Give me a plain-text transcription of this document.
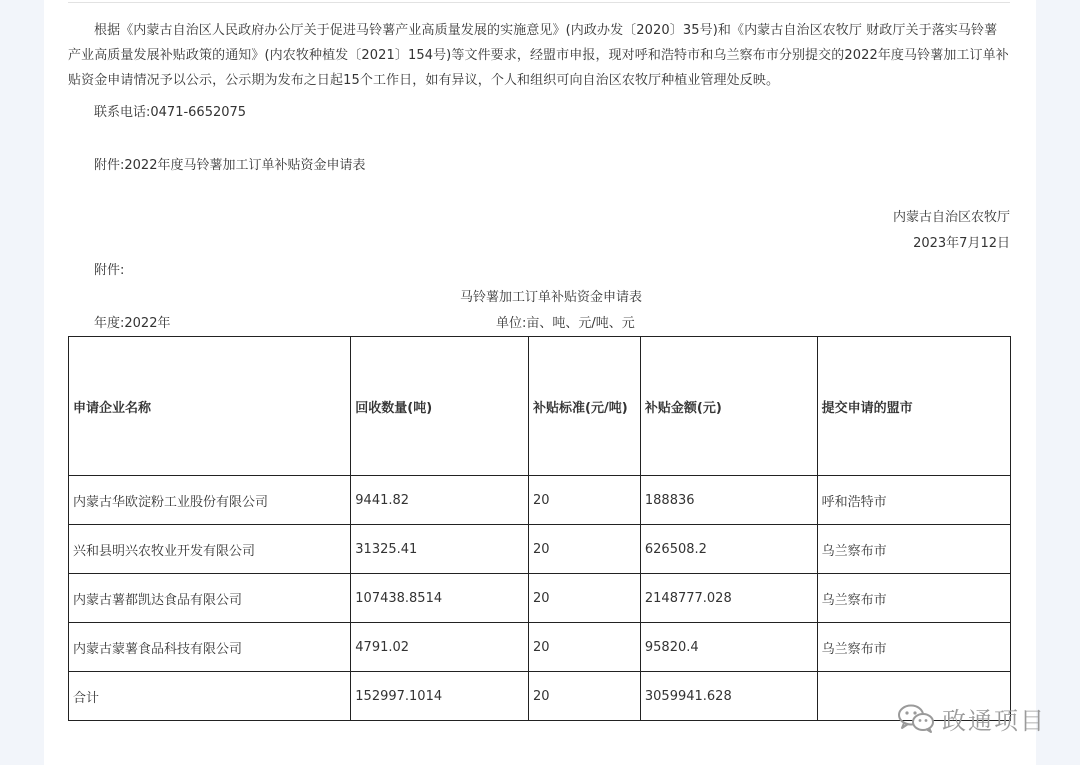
根据《内蒙古自治区人民政府办公厅关于促进马铃薯产业高质量发展的实施意见》(内政办发〔2020〕35号)和《内蒙古自治区农牧厅 财政厅关于落实马铃薯产业高质量发展补贴政策的通知》(内农牧种植发〔2021〕154号)等文件要求，经盟市申报，现对呼和浩特市和乌兰察布市分别提交的2022年度马铃薯加工订单补贴资金申请情况予以公示，公示期为发布之日起15个工作日，如有异议，个人和组织可向自治区农牧厅种植业管理处反映。

联系电话:0471-6652075
附件:2022年度马铃薯加工订单补贴资金申请表
内蒙古自治区农牧厅
2023年7月12日
附件:
马铃薯加工订单补贴资金申请表
年度:2022年	单位:亩、吨、元/吨、元
申请企业名称	回收数量(吨)	补贴标准(元/吨)	补贴金额(元)	提交申请的盟市
内蒙古华欧淀粉工业股份有限公司	9441.82	20	188836	呼和浩特市
兴和县明兴农牧业开发有限公司	31325.41	20	626508.2	乌兰察布市
内蒙古薯都凯达食品有限公司	107438.8514	20	2148777.028	乌兰察布市
内蒙古蒙薯食品科技有限公司	4791.02	20	95820.4	乌兰察布市
合计	152997.1014	20	3059941.628	
政通项目
